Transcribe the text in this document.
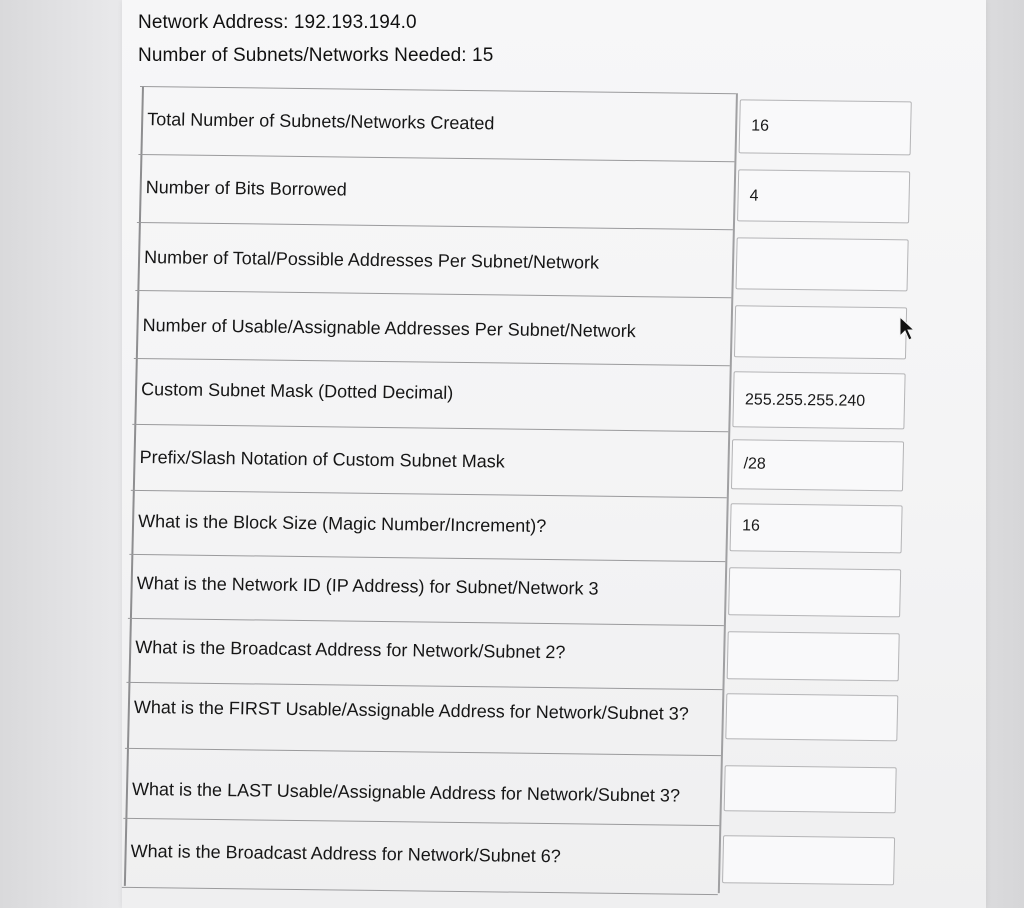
Network Address: 192.193.194.0
Number of Subnets/Networks Needed: 15
Total Number of Subnets/Networks Created	16
Number of Bits Borrowed	4
Number of Total/Possible Addresses Per Subnet/Network
Number of Usable/Assignable Addresses Per Subnet/Network
Custom Subnet Mask (Dotted Decimal)	255.255.255.240
Prefix/Slash Notation of Custom Subnet Mask	/28
What is the Block Size (Magic Number/Increment)?	16
What is the Network ID (IP Address) for Subnet/Network 3
What is the Broadcast Address for Network/Subnet 2?
What is the FIRST Usable/Assignable Address for Network/Subnet 3?
What is the LAST Usable/Assignable Address for Network/Subnet 3?
What is the Broadcast Address for Network/Subnet 6?
